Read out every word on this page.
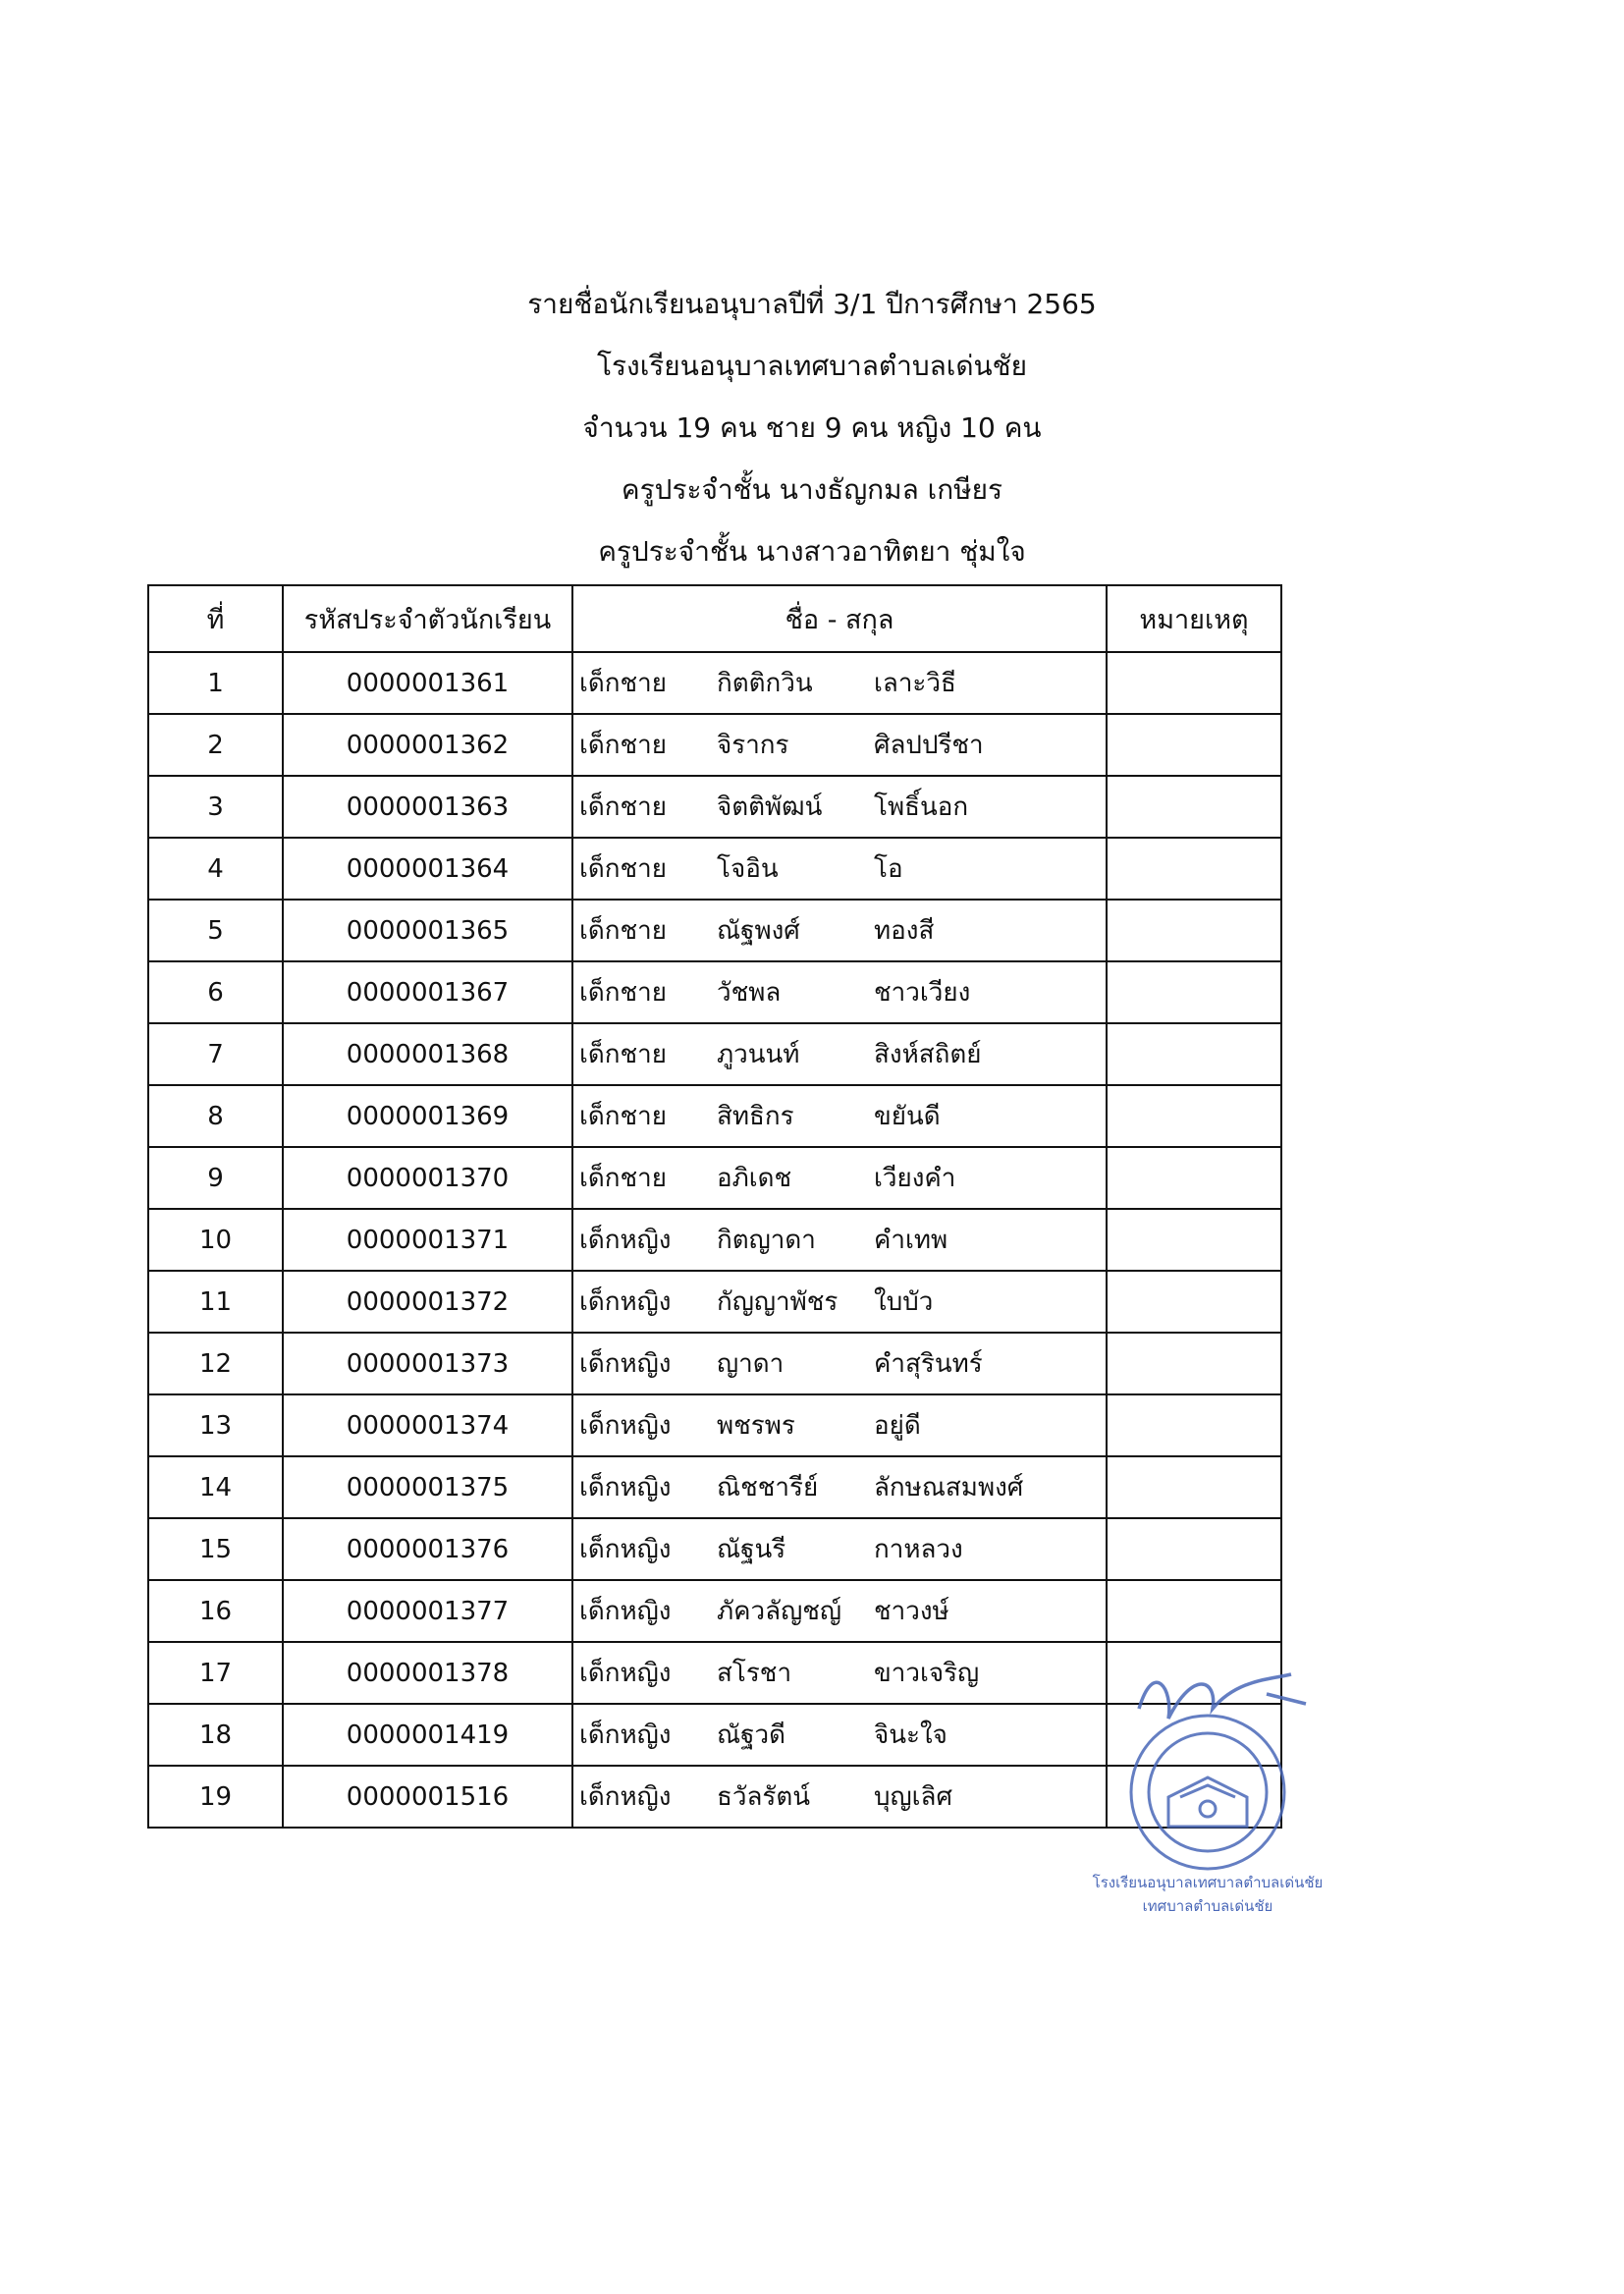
รายชื่อนักเรียนอนุบาลปีที่ 3/1 ปีการศึกษา 2565
โรงเรียนอนุบาลเทศบาลตำบลเด่นชัย
จำนวน 19 คน ชาย 9 คน หญิง 10 คน
ครูประจำชั้น นางธัญกมล เกษียร
ครูประจำชั้น นางสาวอาทิตยา ชุ่มใจ
ที่	รหัสประจำตัวนักเรียน	ชื่อ - สกุล	หมายเหตุ
1	0000001361	เด็กชาย กิตติกวิน เลาะวิธี	

2	0000001362	เด็กชาย จิรากร ศิลปปรีชา	

3	0000001363	เด็กชาย จิตติพัฒน์ โพธิ์นอก	

4	0000001364	เด็กชาย โจอิน โอ	

5	0000001365	เด็กชาย ณัฐพงศ์ ทองสี	

6	0000001367	เด็กชาย วัชพล ชาวเวียง	

7	0000001368	เด็กชาย ภูวนนท์ สิงห์สถิตย์	

8	0000001369	เด็กชาย สิทธิกร ขยันดี	

9	0000001370	เด็กชาย อภิเดช เวียงคำ	

10	0000001371	เด็กหญิง กิตญาดา คำเทพ	

11	0000001372	เด็กหญิง กัญญาพัชร ใบบัว	

12	0000001373	เด็กหญิง ญาดา คำสุรินทร์	

13	0000001374	เด็กหญิง พชรพร อยู่ดี	

14	0000001375	เด็กหญิง ณิชชารีย์ ลักษณสมพงศ์	

15	0000001376	เด็กหญิง ณัฐนรี กาหลวง	

16	0000001377	เด็กหญิง ภัควลัญชญ์ ชาวงษ์	

17	0000001378	เด็กหญิง สโรชา ขาวเจริญ	

18	0000001419	เด็กหญิง ณัฐวดี จินะใจ	

19	0000001516	เด็กหญิง ธวัลรัตน์ บุญเลิศ	

โรงเรียนอนุบาลเทศบาลตำบลเด่นชัย
เทศบาลตำบลเด่นชัย
